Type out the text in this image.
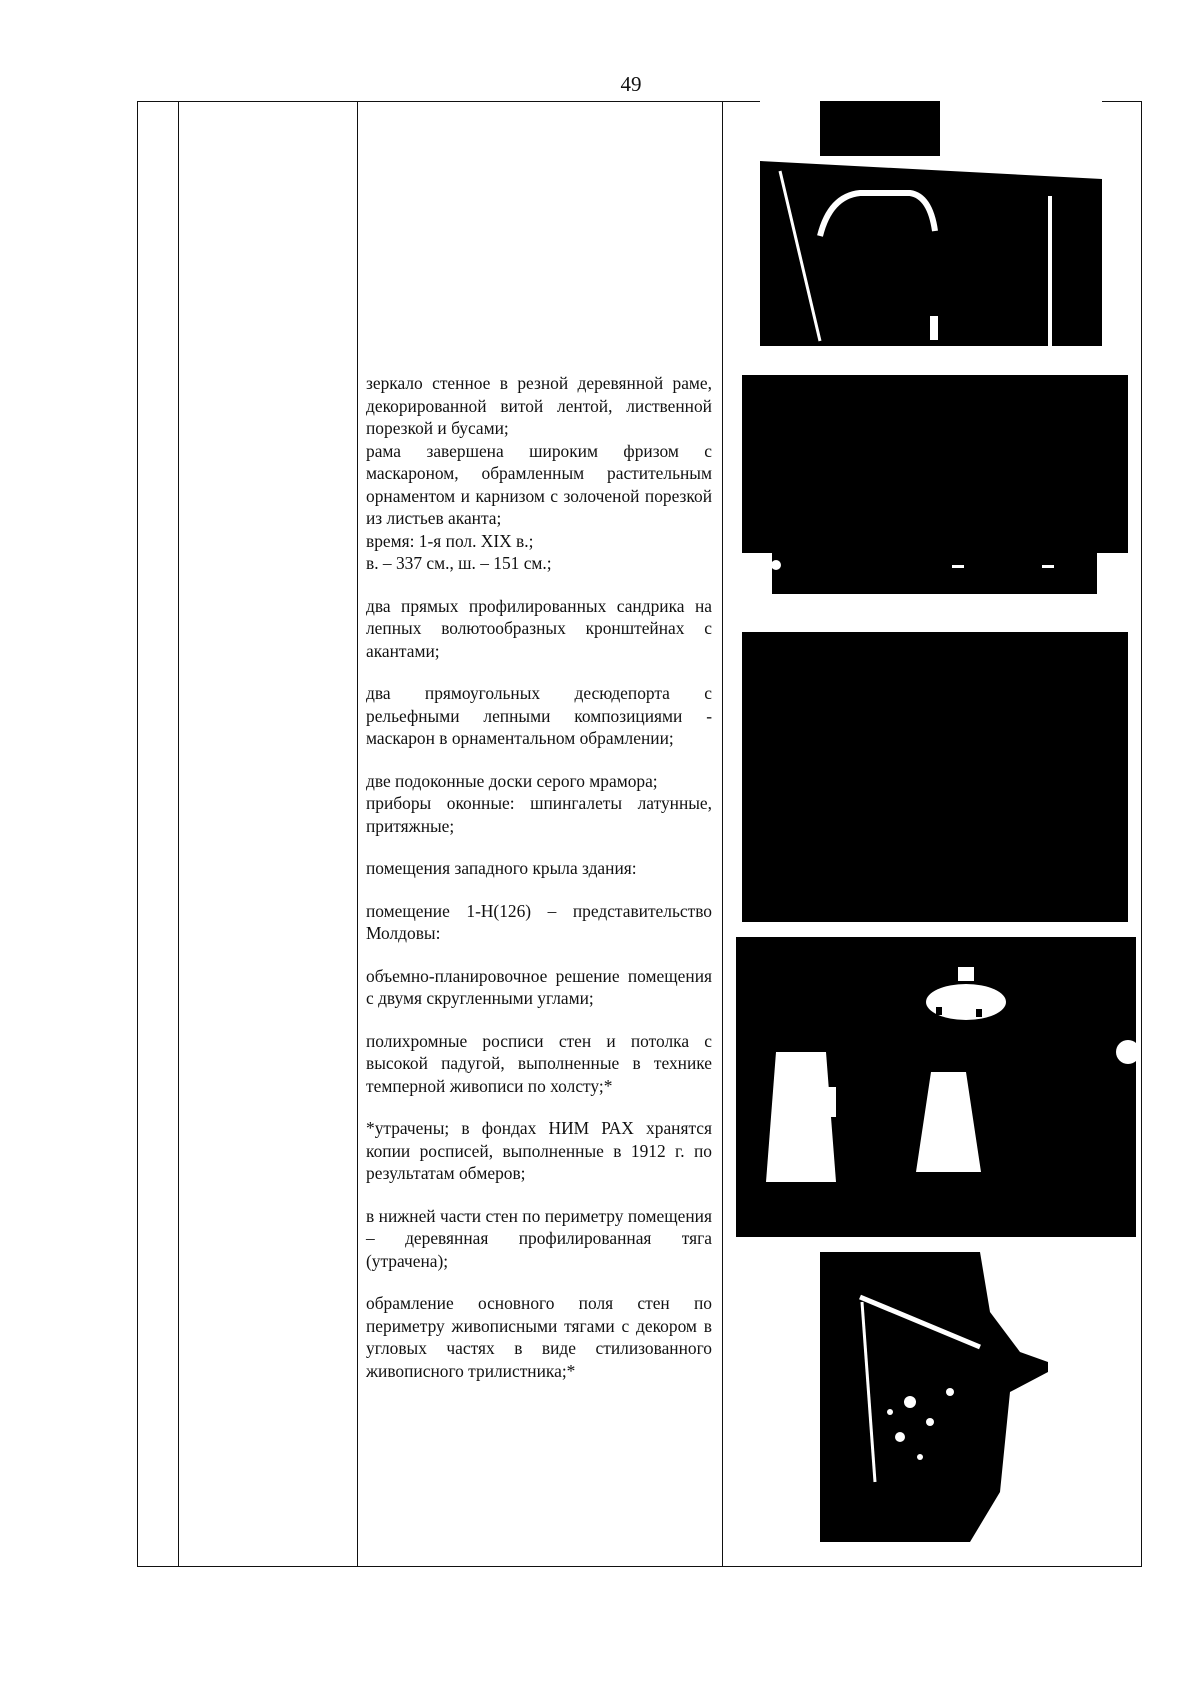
49

зеркало стенное в резной деревянной раме, декорированной витой лентой, лиственной порезкой и бусами;
рама завершена широким фризом с маскароном, обрамленным растительным орнаментом и карнизом с золоченой порезкой из листьев аканта;
время: 1-я пол. XIX в.;
в. – 337 см., ш. – 151 см.;

два прямых профилированных сандрика на лепных волютообразных кронштейнах с акантами;

два прямоугольных десюдепорта с рельефными лепными композициями - маскарон в орнаментальном обрамлении;

две подоконные доски серого мрамора;
приборы оконные: шпингалеты латунные, притяжные;

помещения западного крыла здания:

помещение 1-Н(126) – представительство Молдовы:

объемно-планировочное решение помещения с двумя скругленными углами;

полихромные росписи стен и потолка с высокой падугой, выполненные в технике темперной живописи по холсту;*

*утрачены; в фондах НИМ РАХ хранятся копии росписей, выполненные в 1912 г. по результатам обмеров;

в нижней части стен по периметру помещения – деревянная профилированная тяга (утрачена);

обрамление основного поля стен по периметру живописными тягами с декором в угловых частях в виде стилизованного живописного трилистника;*
